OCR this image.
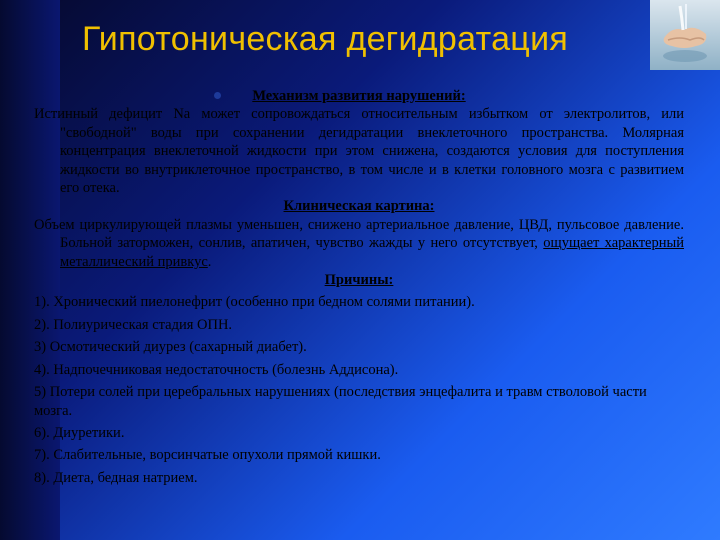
Гипотоническая дегидратация
Механизм развития нарушений:
Истинный дефицит Na может сопровождаться относительным избытком от электролитов, или "свободной" воды при сохранении дегидратации внеклеточного пространства. Молярная концентрация внеклеточной жидкости при этом снижена, создаются условия для поступления жидкости во внутриклеточное пространство, в том числе и в клетки головного мозга с развитием его отека.
Клиническая картина:
Объем циркулирующей плазмы уменьшен, снижено артериальное давление, ЦВД, пульсовое давление. Больной заторможен, сонлив, апатичен, чувство жажды у него отсутствует, ощущает характерный металлический привкус.
Причины:
1). Хронический пиелонефрит (особенно при бедном солями питании).
2). Полиурическая стадия ОПН.
3) Осмотический диурез (сахарный диабет).
4). Надпочечниковая недостаточность (болезнь Аддисона).
5) Потери солей при церебральных нарушениях (последствия энцефалита и травм стволовой части мозга.
6). Диуретики.
7). Слабительные, ворсинчатые опухоли прямой кишки.
8). Диета, бедная натрием.
